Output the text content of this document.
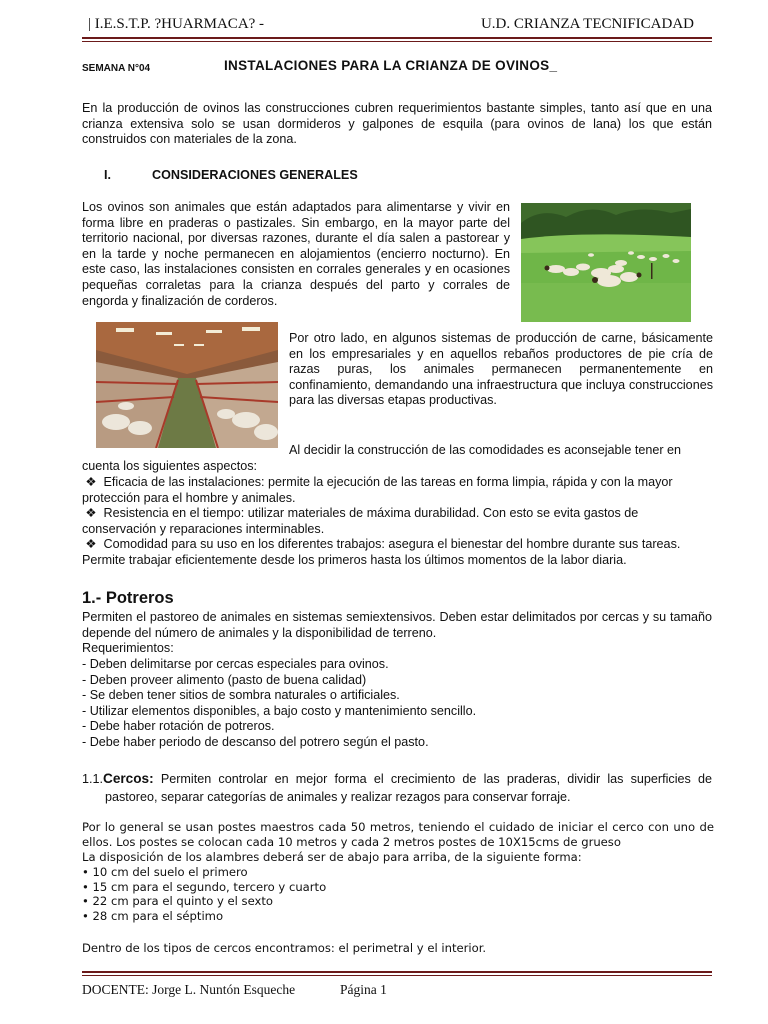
| I.E.S.T.P. ?HUARMACA? -	U.D. CRIANZA TECNIFICADAD
SEMANA N°04	INSTALACIONES PARA LA CRIANZA DE OVINOS_

En la producción de ovinos las construcciones cubren requerimientos bastante simples, tanto así que en una crianza extensiva solo se usan dormideros y galpones de esquila (para ovinos de lana) los que están construidos con materiales de la zona.

I.	CONSIDERACIONES GENERALES

Los ovinos son animales que están adaptados para alimentarse y vivir en forma libre en praderas o pastizales. Sin embargo, en la mayor parte del territorio nacional, por diversas razones, durante el día salen a pastorear y en la tarde y noche permanecen en alojamientos (encierro nocturno). En este caso, las instalaciones consisten en corrales generales y en ocasiones pequeñas corraletas para la crianza después del parto y corrales de engorda y finalización de corderos.

Por otro lado, en algunos sistemas de producción de carne, básicamente en los empresariales y en aquellos rebaños productores de pie cría de razas puras, los animales permanecen permanentemente en confinamiento, demandando una infraestructura que incluya construcciones para las diversas etapas productivas.

Al decidir la construcción de las comodidades es aconsejable tener en
cuenta los siguientes aspectos:
❖ Eficacia de las instalaciones: permite la ejecución de las tareas en forma limpia, rápida y con la mayor
protección para el hombre y animales.
❖ Resistencia en el tiempo: utilizar materiales de máxima durabilidad. Con esto se evita gastos de
conservación y reparaciones interminables.
❖ Comodidad para su uso en los diferentes trabajos: asegura el bienestar del hombre durante sus tareas.
Permite trabajar eficientemente desde los primeros hasta los últimos momentos de la labor diaria.
1.- Potreros

Permiten el pastoreo de animales en sistemas semiextensivos. Deben estar delimitados por cercas y su tamaño depende del número de animales y la disponibilidad de terreno.

Requerimientos:
- Deben delimitarse por cercas especiales para ovinos.
- Deben proveer alimento (pasto de buena calidad)
- Se deben tener sitios de sombra naturales o artificiales.
- Utilizar elementos disponibles, a bajo costo y mantenimiento sencillo.
- Debe haber rotación de potreros.
- Debe haber periodo de descanso del potrero según el pasto.
1.1.Cercos: Permiten controlar en mejor forma el crecimiento de las praderas, dividir las superficies de pastoreo, separar categorías de animales y realizar rezagos para conservar forraje.

Por lo general se usan postes maestros cada 50 metros, teniendo el cuidado de iniciar el cerco con uno de ellos. Los postes se colocan cada 10 metros y cada 2 metros postes de 10X15cms de grueso

La disposición de los alambres deberá ser de abajo para arriba, de la siguiente forma:
• 10 cm del suelo el primero
• 15 cm para el segundo, tercero y cuarto
• 22 cm para el quinto y el sexto
• 28 cm para el séptimo
Dentro de los tipos de cercos encontramos: el perimetral y el interior.
DOCENTE: Jorge L. Nuntón Esqueche	Página 1
